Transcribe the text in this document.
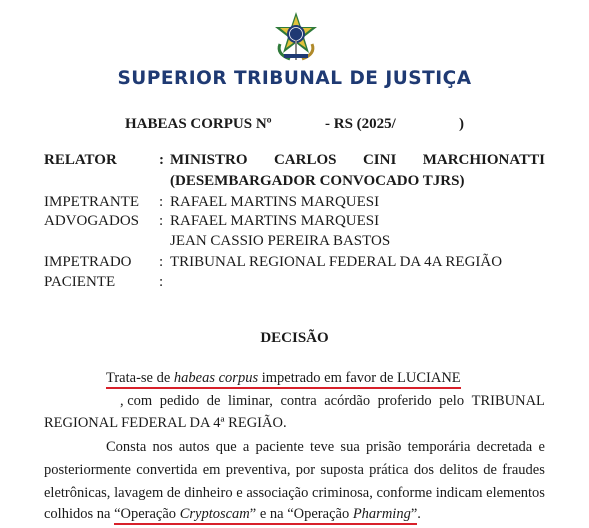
SUPERIOR TRIBUNAL DE JUSTIÇA
HABEAS CORPUS Nº	- RS (2025/	)
RELATOR	: MINISTRO CARLOS CINI MARCHIONATTI
(DESEMBARGADOR CONVOCADO TJRS)
IMPETRANTE : RAFAEL MARTINS MARQUESI
ADVOGADOS : RAFAEL MARTINS MARQUESI
JEAN CASSIO PEREIRA BASTOS
IMPETRADO : TRIBUNAL REGIONAL FEDERAL DA 4A REGIÃO
PACIENTE	:
DECISÃO
Trata-se de habeas corpus impetrado em favor de LUCIANE
, com pedido de liminar, contra acórdão proferido pelo TRIBUNAL
REGIONAL FEDERAL DA 4ª REGIÃO.
Consta nos autos que a paciente teve sua prisão temporária decretada e
posteriormente convertida em preventiva, por suposta prática dos delitos de fraudes
eletrônicas, lavagem de dinheiro e associação criminosa, conforme indicam elementos
colhidos na “Operação Cryptoscam” e na “Operação Pharming”.
